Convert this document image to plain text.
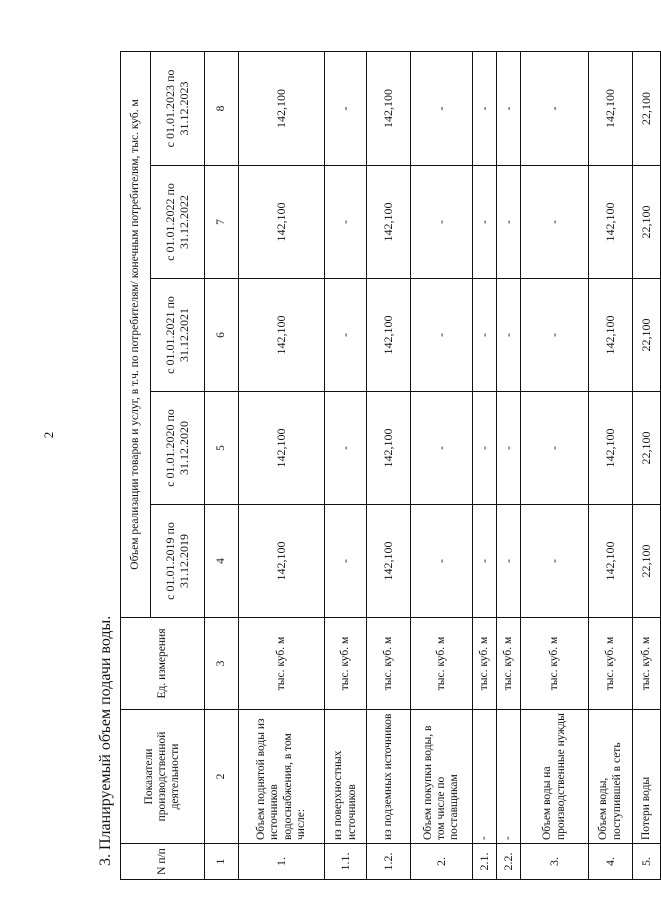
2
3. Планируемый объем подачи воды.	N п/п	Показатели производственной деятельности	Ед. измерения	Объем реализации товаров и услуг, в т.ч. по потребителям/ конечным потребителям, тыс. куб. м				
			с 01.01.2019 по 31.12.2019	с 01.01.2020 по 31.12.2020	с 01.01.2021 по 31.12.2021	с 01.01.2022 по 31.12.2022	с 01.01.2023 по 31.12.2023
1	2	3	4	5	6	7	8
1.	Объем поднятой воды из источников водоснабжения, в том числе:	тыс. куб. м	142,100	142,100	142,100	142,100	142,100
1.1.	из поверхностных источников	тыс. куб. м	-	-	-	-	-
1.2.	из подземных источников	тыс. куб. м	142,100	142,100	142,100	142,100	142,100
2.	Объем покупки воды, в том числе по поставщикам	тыс. куб. м	-	-	-	-	-
2.1.	-	тыс. куб. м	-	-	-	-	-
2.2.	-	тыс. куб. м	-	-	-	-	-
3.	Объем воды на производственные нужды	тыс. куб. м	-	-	-	-	-
4.	Объем воды, поступившей в сеть	тыс. куб. м	142,100	142,100	142,100	142,100	142,100
5.	Потери воды	тыс. куб. м	22,100	22,100	22,100	22,100	22,100
